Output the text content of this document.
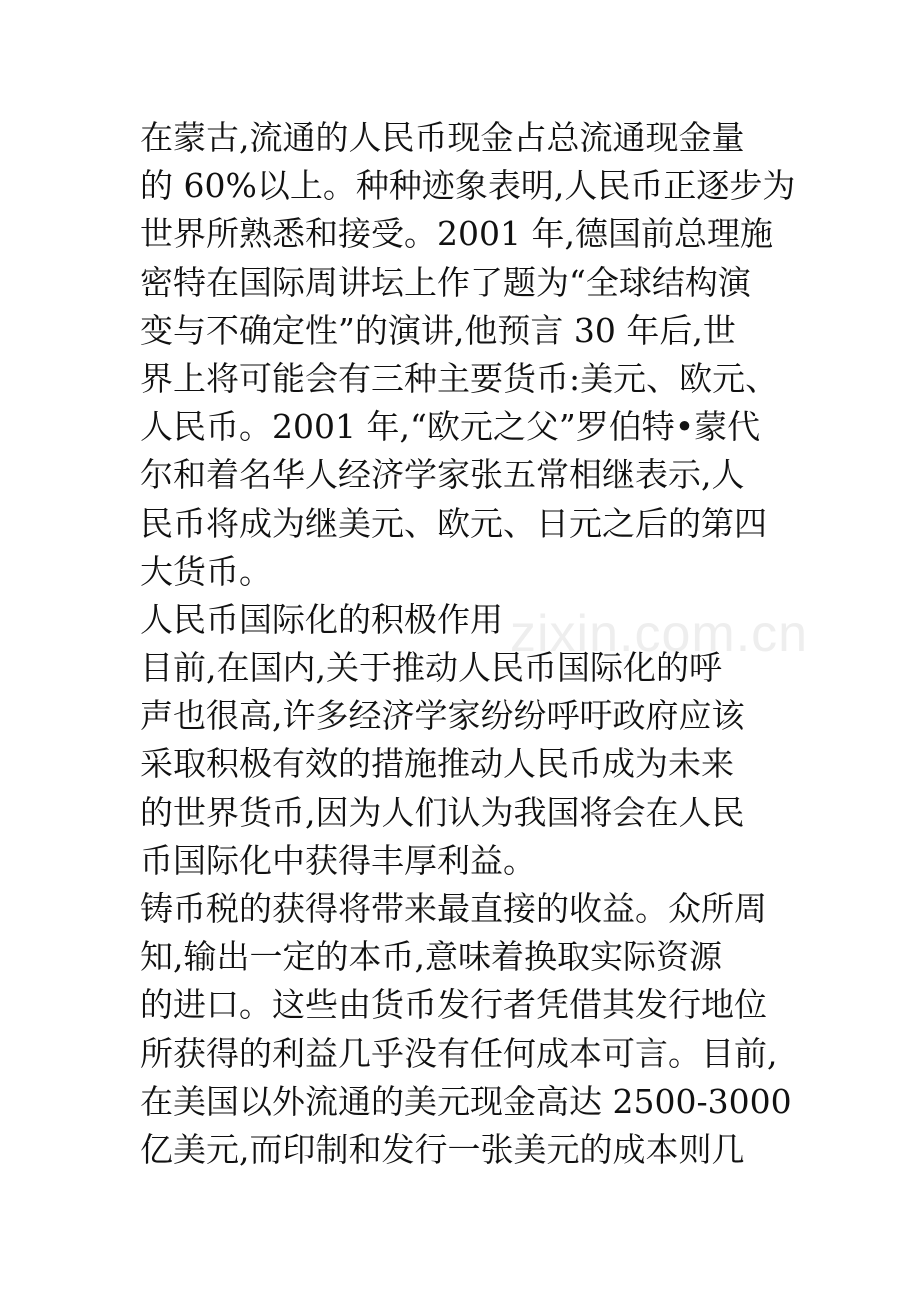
在蒙古,流通的人民币现金占总流通现金量
的 60%以上。种种迹象表明,人民币正逐步为
世界所熟悉和接受。2001 年,德国前总理施
密特在国际周讲坛上作了题为“全球结构演
变与不确定性”的演讲,他预言 30 年后,世
界上将可能会有三种主要货币:美元、欧元、
人民币。2001 年,“欧元之父”罗伯特•蒙代
尔和着名华人经济学家张五常相继表示,人
民币将成为继美元、欧元、日元之后的第四
大货币。
人民币国际化的积极作用
目前,在国内,关于推动人民币国际化的呼
声也很高,许多经济学家纷纷呼吁政府应该
采取积极有效的措施推动人民币成为未来
的世界货币,因为人们认为我国将会在人民
币国际化中获得丰厚利益。
铸币税的获得将带来最直接的收益。众所周
知,输出一定的本币,意味着换取实际资源
的进口。这些由货币发行者凭借其发行地位
所获得的利益几乎没有任何成本可言。目前,
在美国以外流通的美元现金高达 2500-3000
亿美元,而印制和发行一张美元的成本则几
zixin.com.cn
